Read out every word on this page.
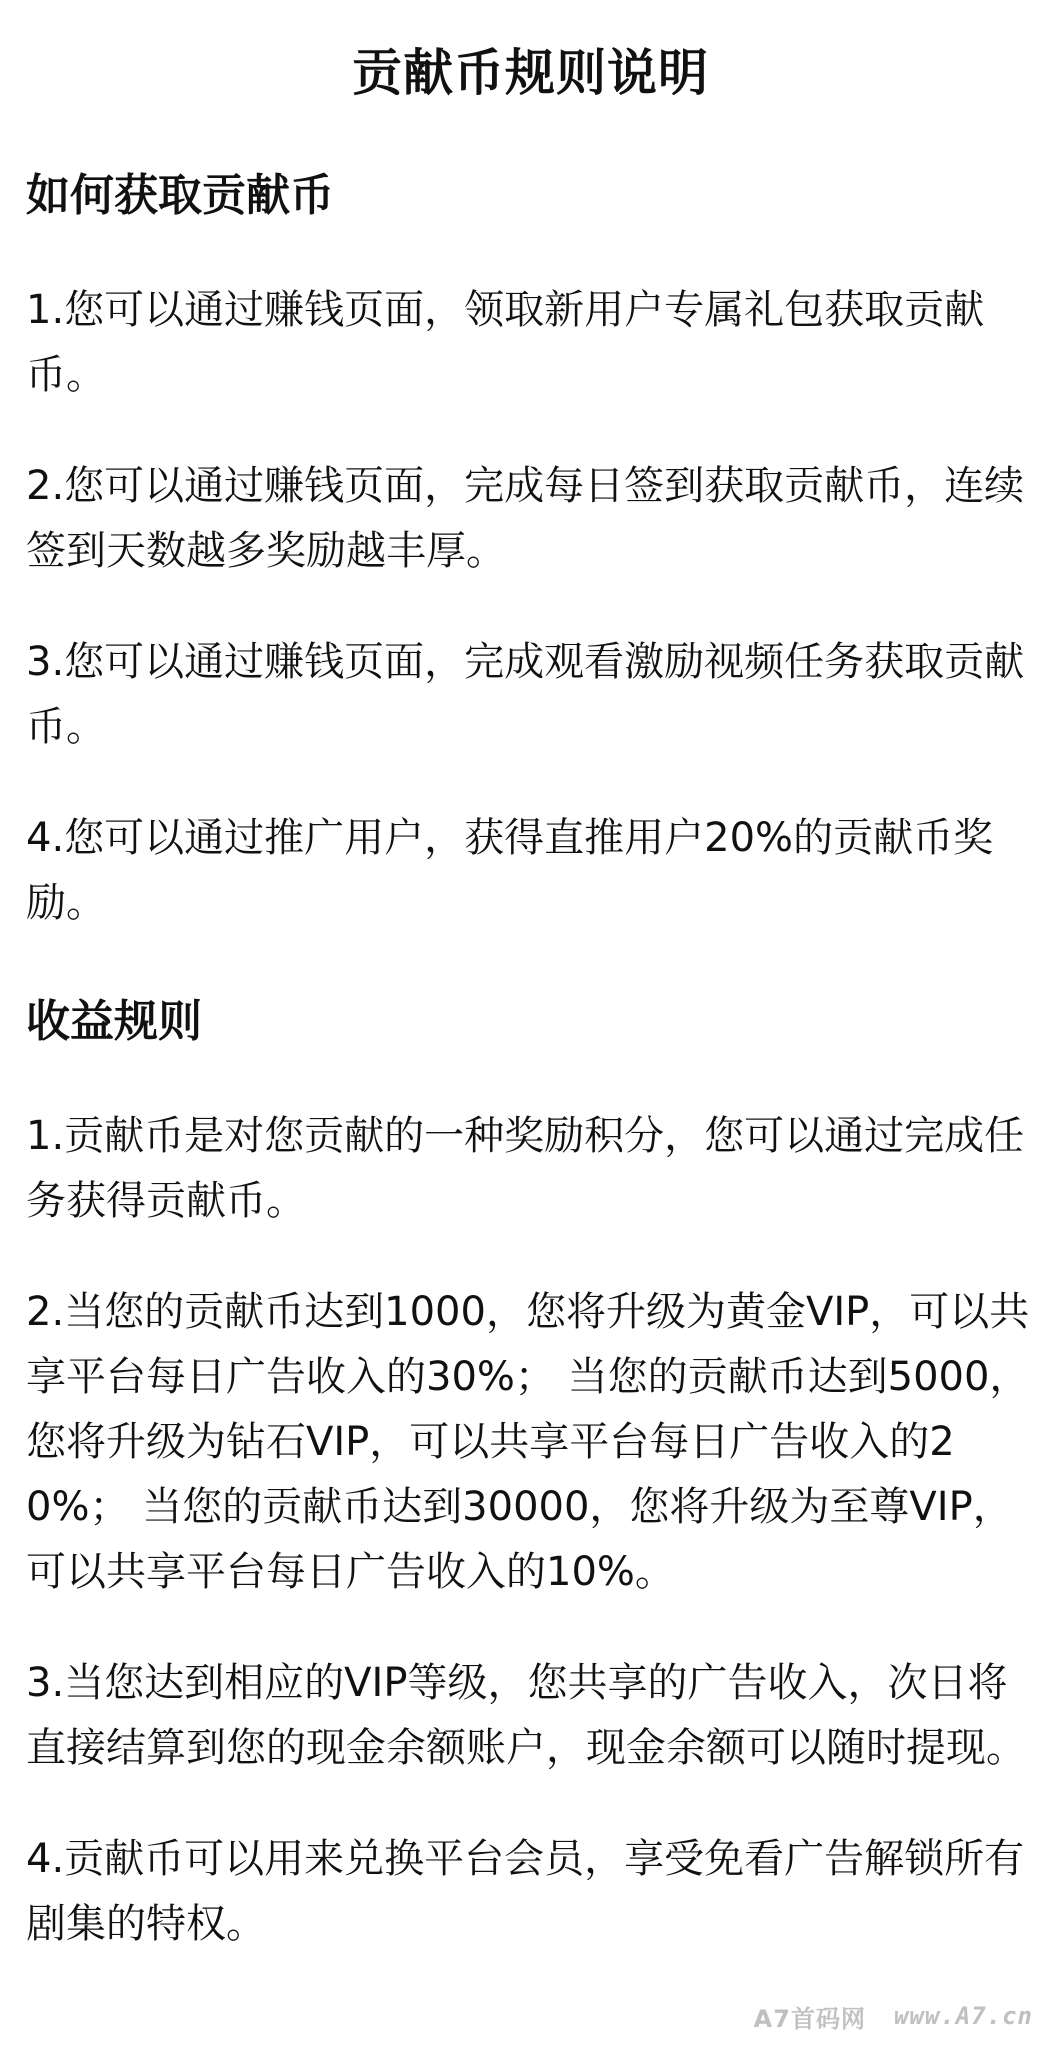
贡献币规则说明
如何获取贡献币

1.您可以通过赚钱页面，领取新用户专属礼包获取贡献币。

2.您可以通过赚钱页面，完成每日签到获取贡献币，连续签到天数越多奖励越丰厚。

3.您可以通过赚钱页面，完成观看激励视频任务获取贡献币。

4.您可以通过推广用户，获得直推用户20%的贡献币奖励。

收益规则

1.贡献币是对您贡献的一种奖励积分，您可以通过完成任务获得贡献币。

2.当您的贡献币达到1000，您将升级为黄金VIP，可以共享平台每日广告收入的30%； 当您的贡献币达到5000，您将升级为钻石VIP，可以共享平台每日广告收入的20%； 当您的贡献币达到30000，您将升级为至尊VIP，可以共享平台每日广告收入的10%。

3.当您达到相应的VIP等级，您共享的广告收入，次日将直接结算到您的现金余额账户，现金余额可以随时提现。

4.贡献币可以用来兑换平台会员，享受免看广告解锁所有剧集的特权。

A7首码网 www.A7.cn
